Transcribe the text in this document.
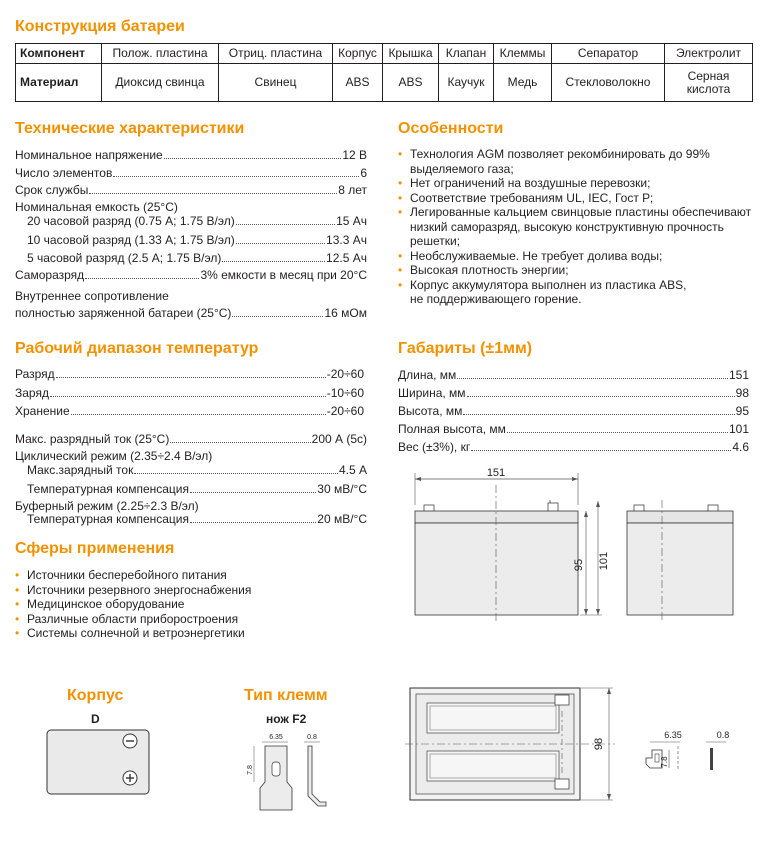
Конструкция батареи
Компонент	Полож. пластина	Отриц. пластина	Корпус	Крышка	Клапан	Клеммы	Сепаратор	Электролит
Материал	Диоксид свинца	Свинец	ABS	ABS	Каучук	Медь	Стекловолокно	Серная кислота
Технические характеристики
Номинальное напряжение	12 В
Число элементов	6
Срок службы	8 лет
Номинальная емкость (25°С)
20 часовой разряд (0.75 А; 1.75 В/эл)	15 Ач
10 часовой разряд (1.33 А; 1.75 В/эл)	13.3 Ач
5 часовой разряд (2.5 А; 1.75 В/эл)	12.5 Ач
Саморазряд	3% емкости в месяц при 20°С
Внутреннее сопротивление
полностью заряженной батареи (25°С)	16 мОм
Рабочий диапазон температур
Разряд	-20÷60
Заряд	-10÷60
Хранение	-20÷60
Макс. разрядный ток (25°С)	200 А (5с)
Циклический режим (2.35÷2.4 В/эл)
Макс.зарядный ток	4.5 А
Температурная компенсация	30 мВ/°С
Буферный режим (2.25÷2.3 В/эл)
Температурная компенсация	20 мВ/°С
Сферы применения
• Источники бесперебойного питания
• Источники резервного энергоснабжения
• Медицинское оборудование
• Различные области приборостроения
• Системы солнечной и ветроэнергетики
Особенности
• Технология AGM позволяет рекомбинировать до 99% выделяемого газа;
• Нет ограничений на воздушные перевозки;
• Соответствие требованиям UL, IEC, Гост Р;
• Легированные кальцием свинцовые пластины обеспечивают низкий саморазряд, высокую конструктивную прочность решетки;
• Необслуживаемые. Не требует долива воды;
• Высокая плотность энергии;
• Корпус аккумулятора выполнен из пластика ABS, не поддерживающего горение.
Габариты (±1мм)
Длина, мм	151
Ширина, мм	98
Высота, мм	95
Полная высота, мм	101
Вес (±3%), кг	4.6
151
95 101
98
6.35	0.8
7.8
Корпус
D
Тип клемм
нож F2
6.35	0.8
7.8
